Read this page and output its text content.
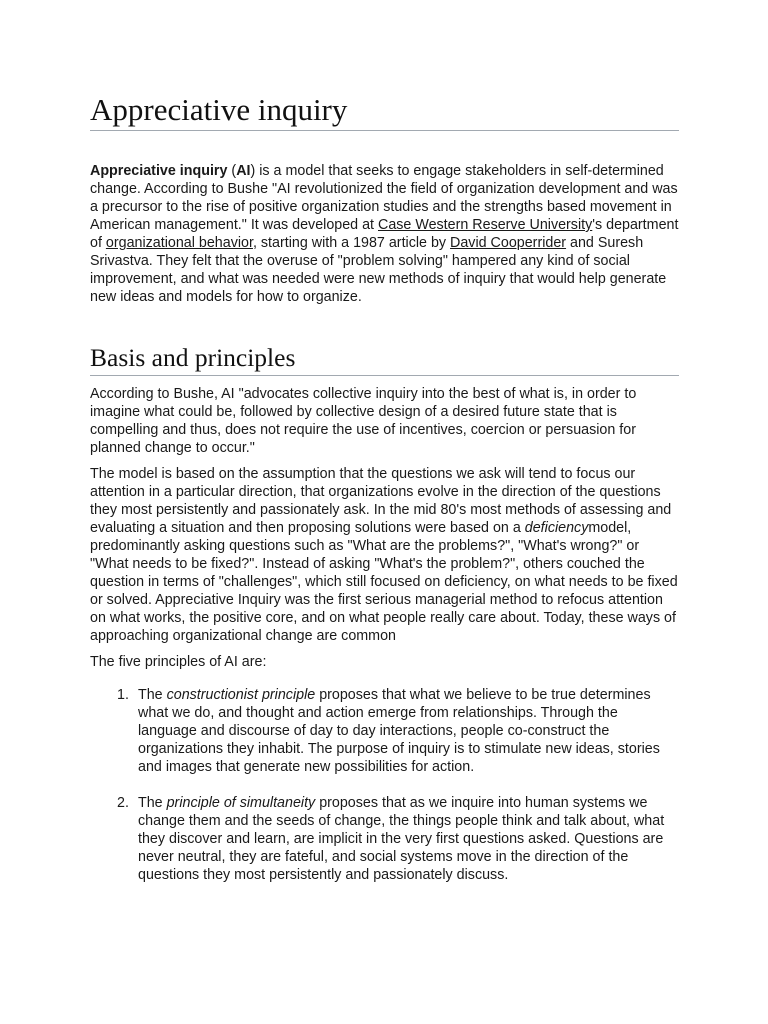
Appreciative inquiry

Appreciative inquiry (AI) is a model that seeks to engage stakeholders in self-determined change. According to Bushe "AI revolutionized the field of organization development and was a precursor to the rise of positive organization studies and the strengths based movement in American management." It was developed at Case Western Reserve University's department of organizational behavior, starting with a 1987 article by David Cooperrider and Suresh Srivastva. They felt that the overuse of "problem solving" hampered any kind of social improvement, and what was needed were new methods of inquiry that would help generate new ideas and models for how to organize.

Basis and principles

According to Bushe, AI "advocates collective inquiry into the best of what is, in order to imagine what could be, followed by collective design of a desired future state that is compelling and thus, does not require the use of incentives, coercion or persuasion for planned change to occur."

The model is based on the assumption that the questions we ask will tend to focus our attention in a particular direction, that organizations evolve in the direction of the questions they most persistently and passionately ask. In the mid 80's most methods of assessing and evaluating a situation and then proposing solutions were based on a deficiencymodel, predominantly asking questions such as "What are the problems?", "What's wrong?" or "What needs to be fixed?". Instead of asking "What's the problem?", others couched the question in terms of "challenges", which still focused on deficiency, on what needs to be fixed or solved. Appreciative Inquiry was the first serious managerial method to refocus attention on what works, the positive core, and on what people really care about. Today, these ways of approaching organizational change are common

The five principles of AI are:

1. The constructionist principle proposes that what we believe to be true determines what we do, and thought and action emerge from relationships. Through the language and discourse of day to day interactions, people co-construct the organizations they inhabit. The purpose of inquiry is to stimulate new ideas, stories and images that generate new possibilities for action.
2. The principle of simultaneity proposes that as we inquire into human systems we change them and the seeds of change, the things people think and talk about, what they discover and learn, are implicit in the very first questions asked. Questions are never neutral, they are fateful, and social systems move in the direction of the questions they most persistently and passionately discuss.
